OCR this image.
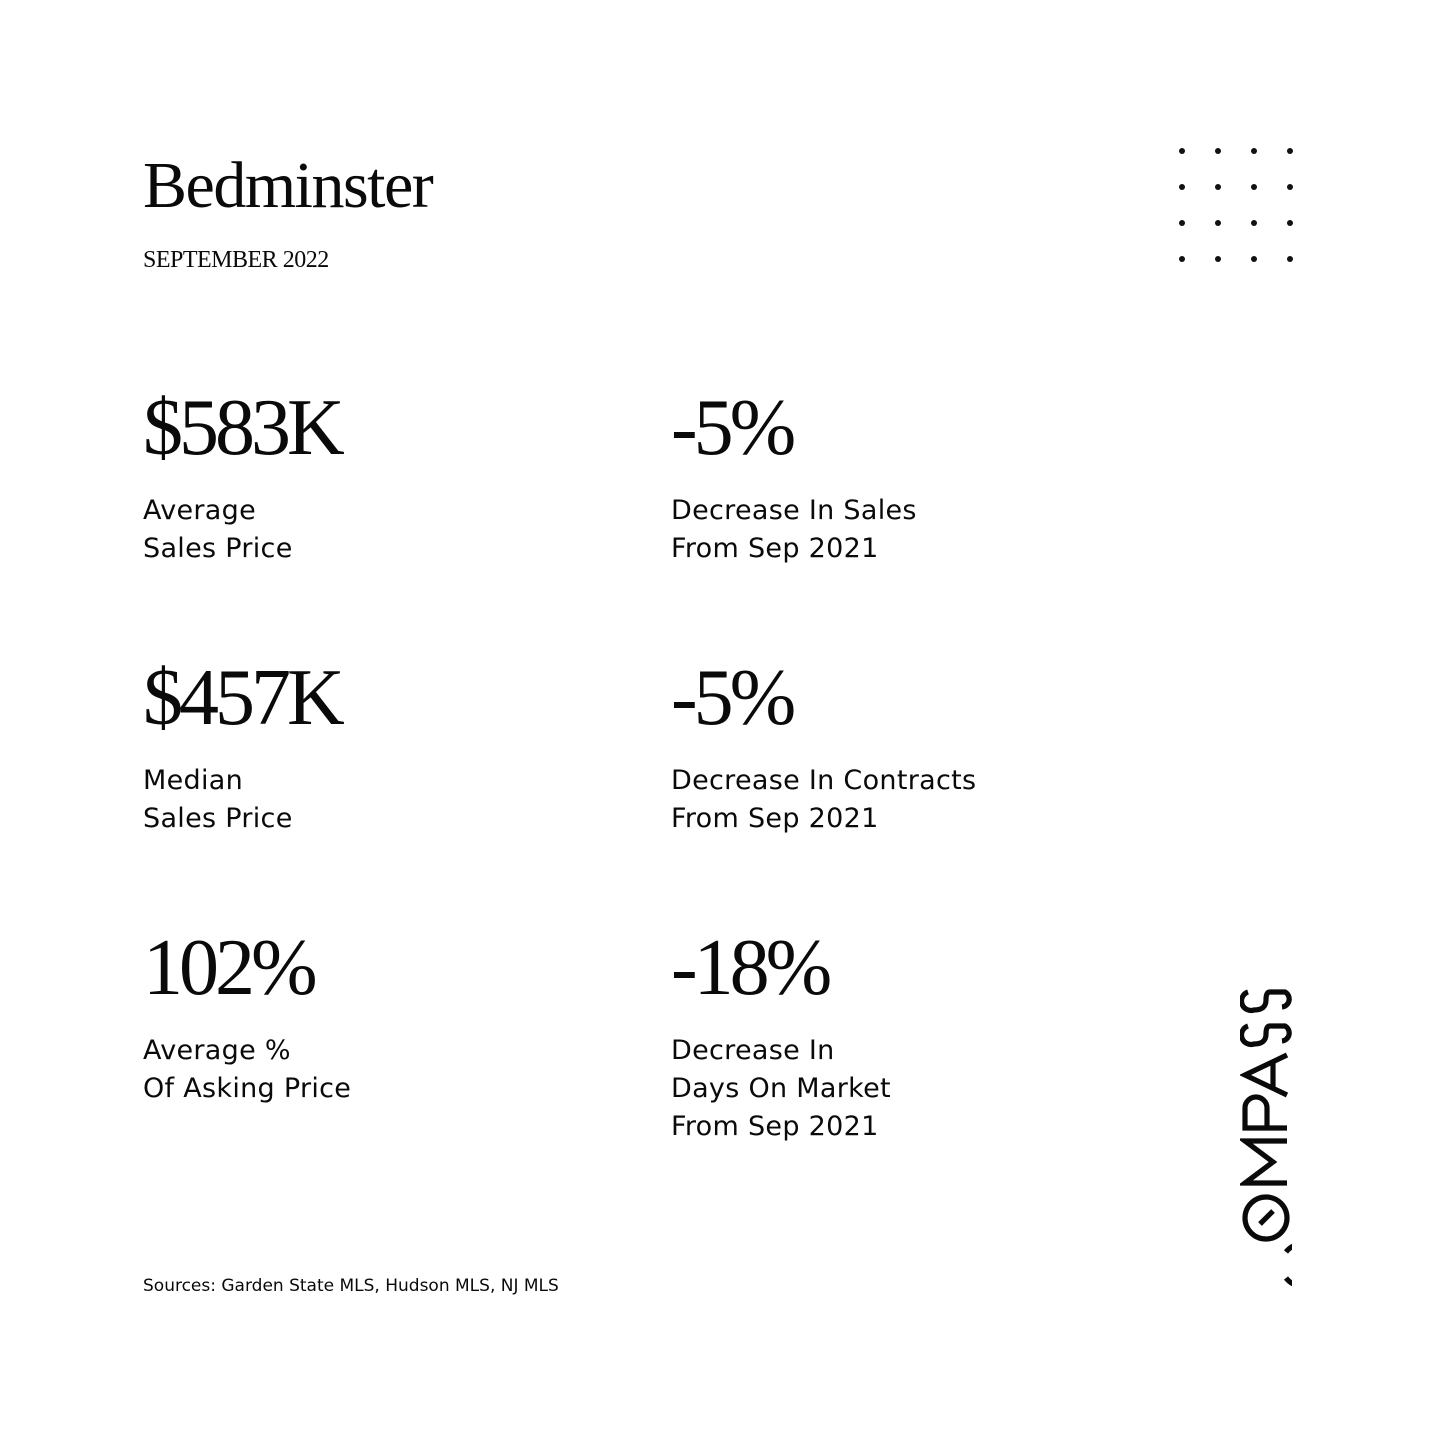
Bedminster
SEPTEMBER 2022
$583K
Average
Sales Price
-5%
Decrease In Sales
From Sep 2021
$457K
Median
Sales Price
-5%
Decrease In Contracts
From Sep 2021
102%
Average %
Of Asking Price
-18%
Decrease In
Days On Market
From Sep 2021
Sources: Garden State MLS, Hudson MLS, NJ MLS
